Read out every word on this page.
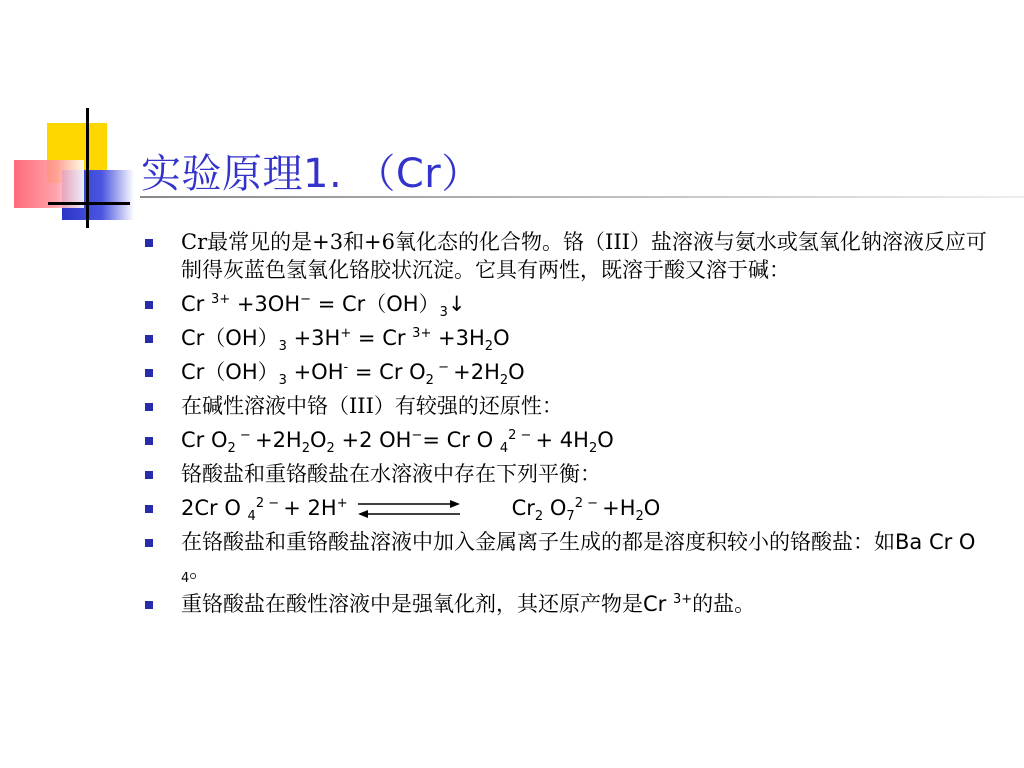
实验原理1. （Cr）
Cr最常见的是+3和+6氧化态的化合物。铬（III）盐溶液与氨水或氢氧化钠溶液反应可制得灰蓝色氢氧化铬胶状沉淀。它具有两性，既溶于酸又溶于碱：
Cr $^{3+} +3OH^- = Cr(OH)_3↓$
$Cr(OH)_3 +3H^+ = Cr$ $^{3+} +3H_2O$
$Cr(OH)_3 +OH^- = Cr$ $O_2$ $^- +2H_2O$
在碱性溶液中铬（III）有较强的还原性：
Cr $O_2$ $^- +2H_2O_2 +2$ OH−= Cr O $_4^{2 -} + 4H_2O$
铬酸盐和重铬酸盐在水溶液中存在下列平衡：
2Cr O $_4^{2 -}$ + 2H+	$Cr_2$ $O_7^{2 -} +H_2O$
在铬酸盐和重铬酸盐溶液中加入金属离子生成的都是溶度积较小的铬酸盐：如Ba Cr O $_4$。
重铬酸盐在酸性溶液中是强氧化剂，其还原产物是Cr $^{3+}$的盐。
